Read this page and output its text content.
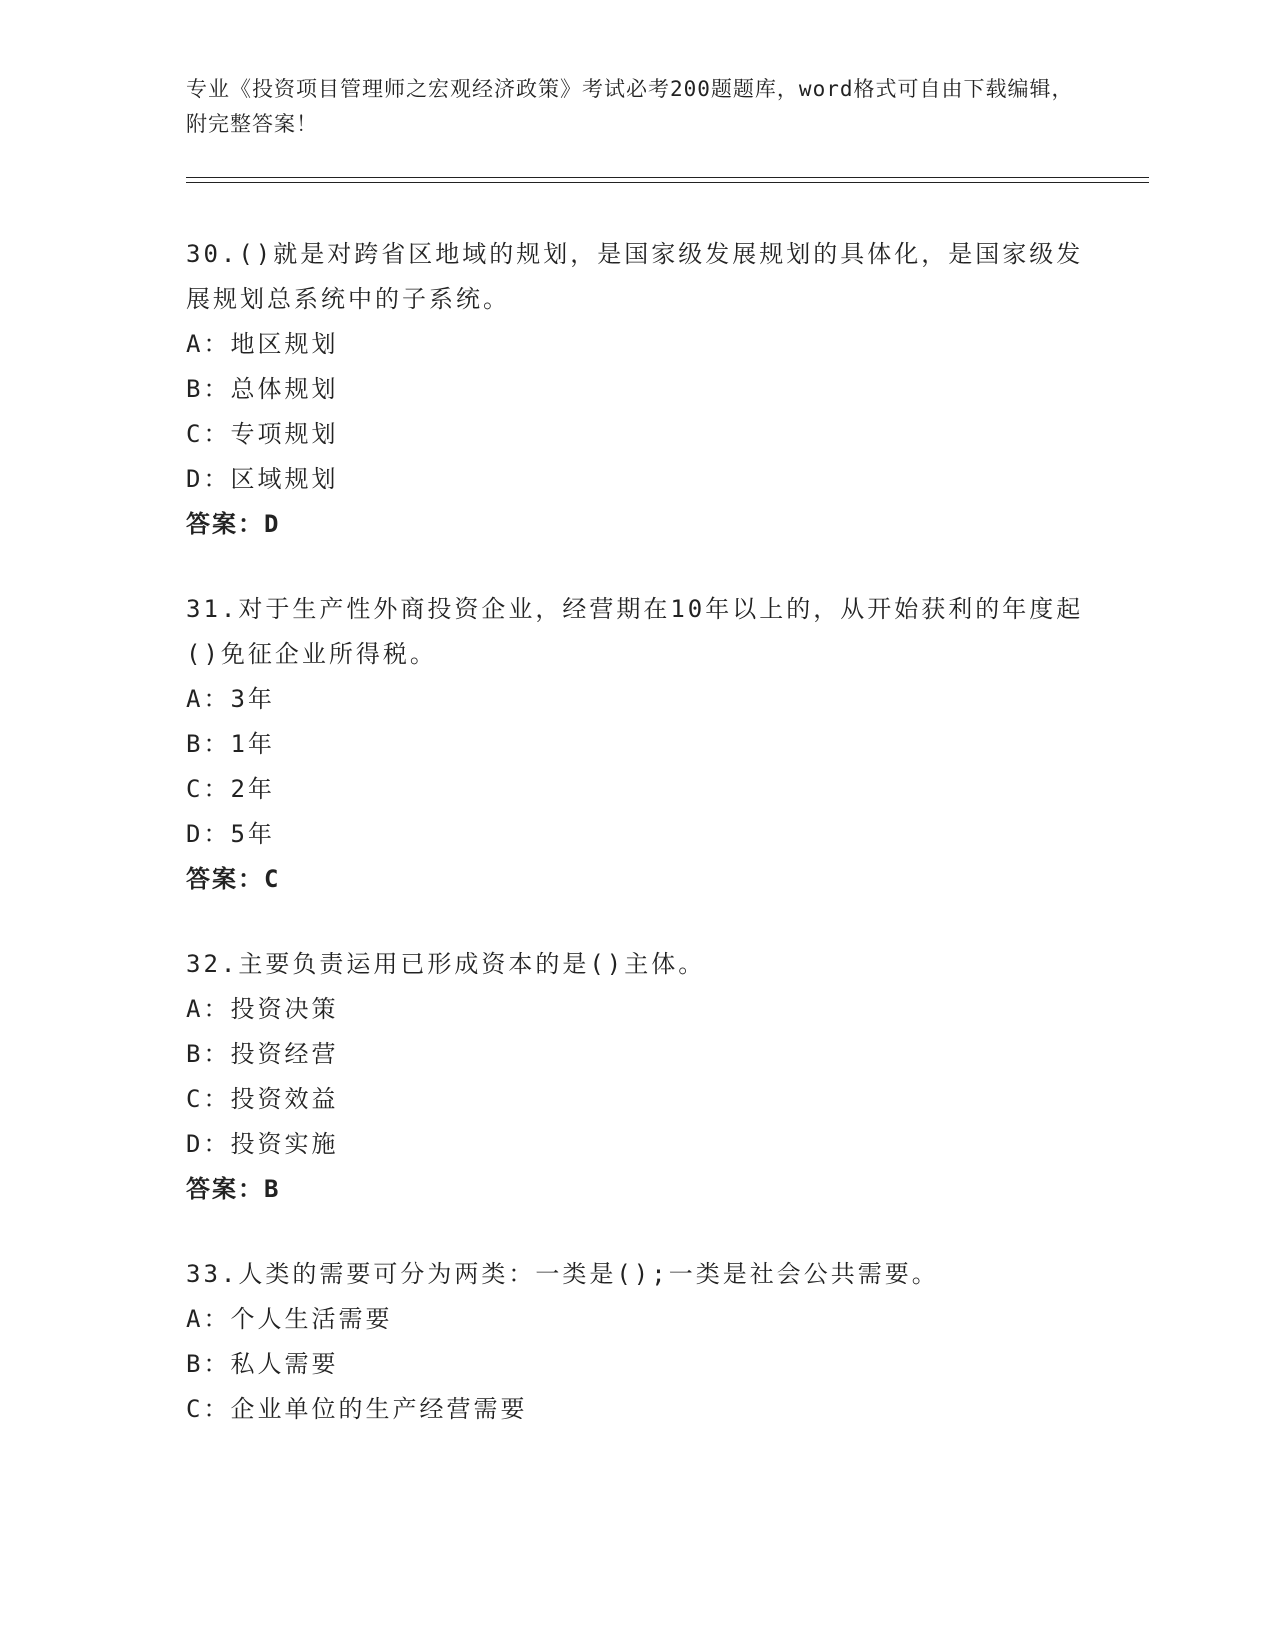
专业《投资项目管理师之宏观经济政策》考试必考200题题库，word格式可自由下载编辑，附完整答案！
30.()就是对跨省区地域的规划，是国家级发展规划的具体化，是国家级发展规划总系统中的子系统。
A：地区规划
B：总体规划
C：专项规划
D：区域规划
答案：D
31.对于生产性外商投资企业，经营期在10年以上的，从开始获利的年度起()免征企业所得税。
A：3年
B：1年
C：2年
D：5年
答案：C
32.主要负责运用已形成资本的是()主体。
A：投资决策
B：投资经营
C：投资效益
D：投资实施
答案：B
33.人类的需要可分为两类：一类是();一类是社会公共需要。
A：个人生活需要
B：私人需要
C：企业单位的生产经营需要
